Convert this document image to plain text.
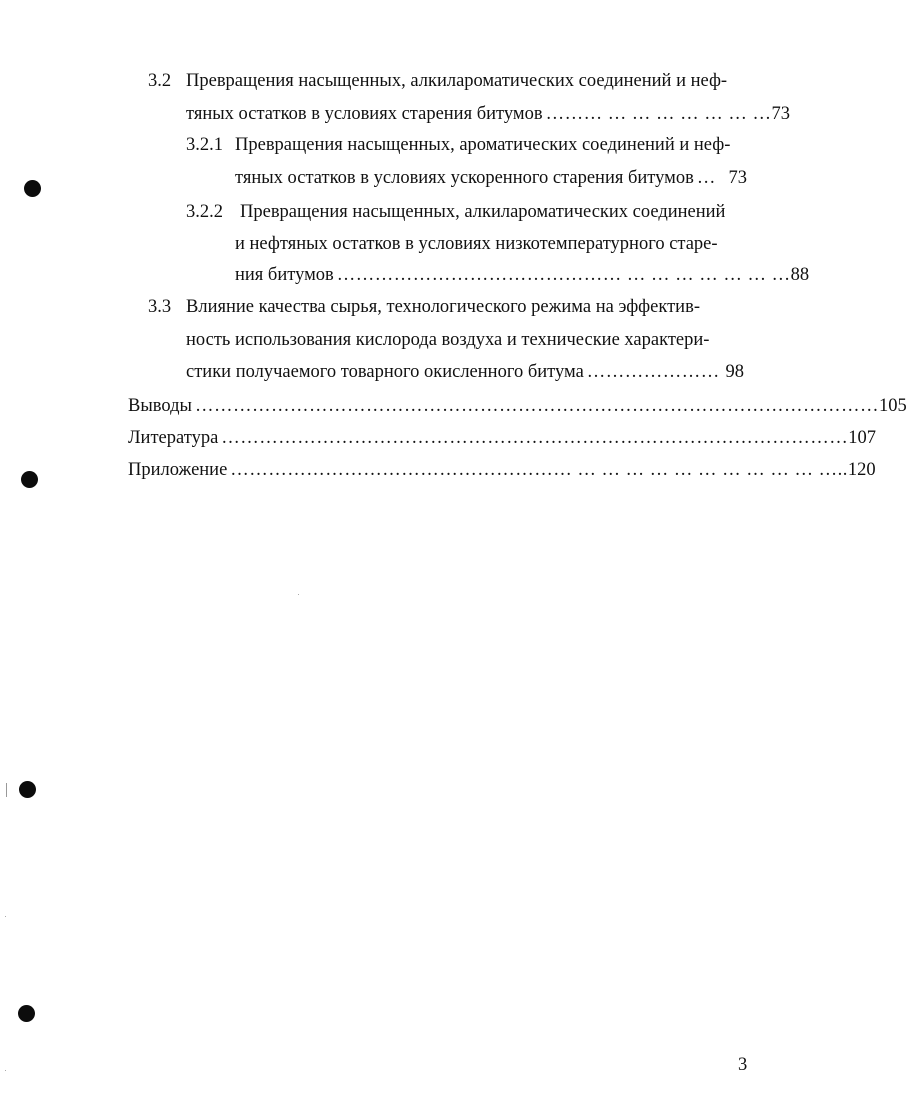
3.2 Превращения насыщенных, алкилароматических соединений и неф-
тяных остатков в условиях старения битумов ……… … … … … … … … 73
3.2.1 Превращения насыщенных, ароматических соединений и неф-
тяных остатков в условиях ускоренного старения битумов … 73
3.2.2 Превращения насыщенных, алкилароматических соединений
и нефтяных остатков в условиях низкотемпературного старе-
ния битумов ……………………………………… … … … … … … … 88
3.3 Влияние качества сырья, технологического режима на эффектив-
ность использования кислорода воздуха и технические характери-
стики получаемого товарного окисленного битума ………………… 98
Выводы ……………………………………………………………………………………………… 105
Литература ……………………………………………………………………………………… 107
Приложение ……………………………………………… … … … … … … … … … … ….. 120
3
